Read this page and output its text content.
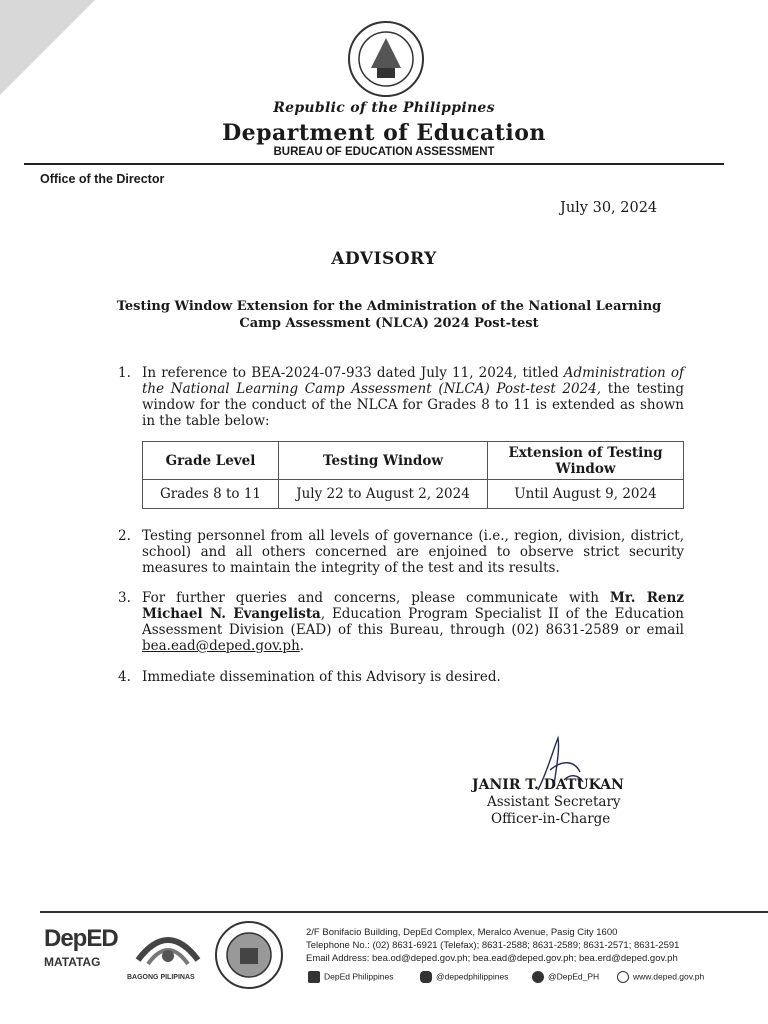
Republic of the Philippines
Department of Education
BUREAU OF EDUCATION ASSESSMENT
Office of the Director
July 30, 2024
ADVISORY
Testing Window Extension for the Administration of the National Learning Camp Assessment (NLCA) 2024 Post-test
1. In reference to BEA-2024-07-933 dated July 11, 2024, titled Administration of the National Learning Camp Assessment (NLCA) Post-test 2024, the testing window for the conduct of the NLCA for Grades 8 to 11 is extended as shown in the table below:
Grade Level	Testing Window	Extension of Testing Window
Grades 8 to 11	July 22 to August 2, 2024	Until August 9, 2024
2. Testing personnel from all levels of governance (i.e., region, division, district, school) and all others concerned are enjoined to observe strict security measures to maintain the integrity of the test and its results.
3. For further queries and concerns, please communicate with Mr. Renz Michael N. Evangelista, Education Program Specialist II of the Education Assessment Division (EAD) of this Bureau, through (02) 8631-2589 or email bea.ead@deped.gov.ph.
4. Immediate dissemination of this Advisory is desired.
JANIR T. DATUKAN
Assistant Secretary
Officer-in-Charge
DepED
MATATAG
BAGONG PILIPINAS
2/F Bonifacio Building, DepEd Complex, Meralco Avenue, Pasig City 1600
Telephone No.: (02) 8631-6921 (Telefax); 8631-2588; 8631-2589; 8631-2571; 8631-2591
Email Address: bea.od@deped.gov.ph; bea.ead@deped.gov.ph; bea.erd@deped.gov.ph
DepEd Philippines	@depedphilippines	@DepEd_PH	www.deped.gov.ph
